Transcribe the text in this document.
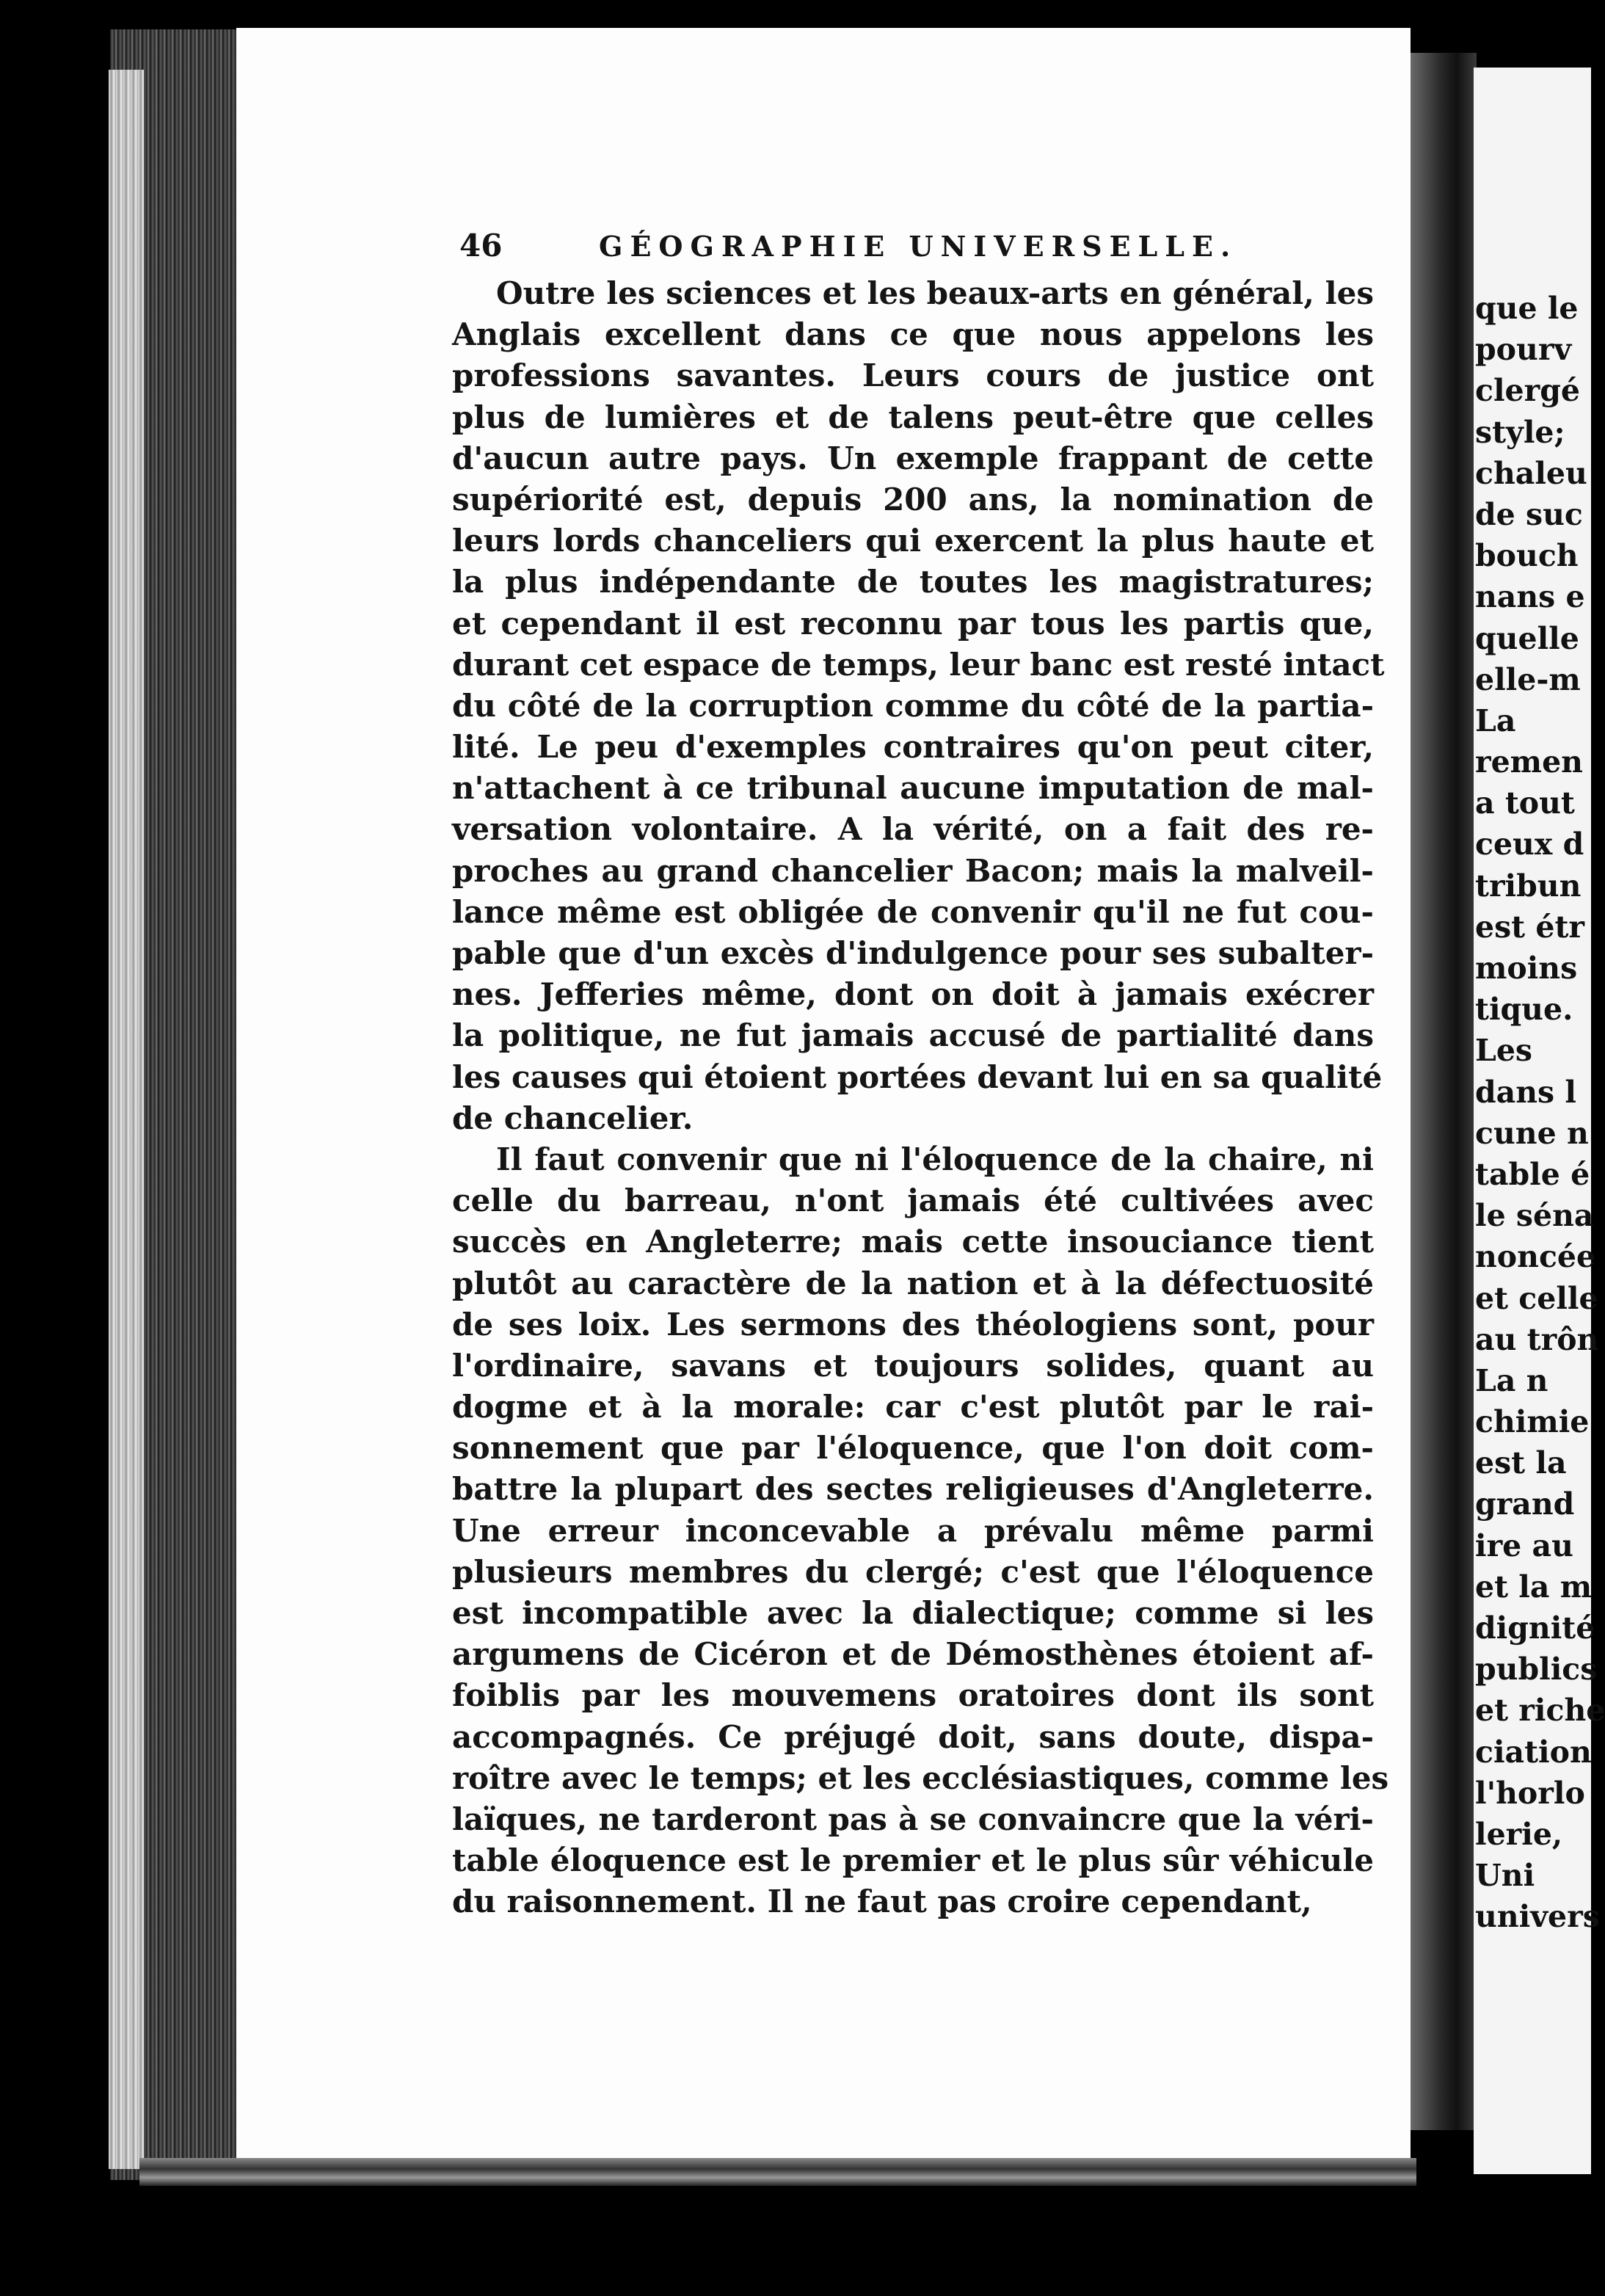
que le
pourv
clergé
style;
chaleu
de suc
bouch
nans e
quelle
elle-m
La
remen
a tout
ceux d
tribun
est étr
moins
tique.
Les
dans l
cune n
table é
le séna
noncée
et celle
au trôn
La n
chimie
est la
grand
ire au
et la m
dignité
publics
et riche
ciation
l'horlo
lerie,
Uni
univers
46	GÉOGRAPHIE UNIVERSELLE.
Outre les sciences et les beaux-arts en général, les
Anglais excellent dans ce que nous appelons les
professions savantes. Leurs cours de justice ont
plus de lumières et de talens peut-être que celles
d'aucun autre pays. Un exemple frappant de cette
supériorité est, depuis 200 ans, la nomination de
leurs lords chanceliers qui exercent la plus haute et
la plus indépendante de toutes les magistratures;
et cependant il est reconnu par tous les partis que,
durant cet espace de temps, leur banc est resté intact
du côté de la corruption comme du côté de la partia-
lité. Le peu d'exemples contraires qu'on peut citer,
n'attachent à ce tribunal aucune imputation de mal-
versation volontaire. A la vérité, on a fait des re-
proches au grand chancelier Bacon; mais la malveil-
lance même est obligée de convenir qu'il ne fut cou-
pable que d'un excès d'indulgence pour ses subalter-
nes. Jefferies même, dont on doit à jamais exécrer
la politique, ne fut jamais accusé de partialité dans
les causes qui étoient portées devant lui en sa qualité
de chancelier.
Il faut convenir que ni l'éloquence de la chaire, ni
celle du barreau, n'ont jamais été cultivées avec
succès en Angleterre; mais cette insouciance tient
plutôt au caractère de la nation et à la défectuosité
de ses loix. Les sermons des théologiens sont, pour
l'ordinaire, savans et toujours solides, quant au
dogme et à la morale: car c'est plutôt par le rai-
sonnement que par l'éloquence, que l'on doit com-
battre la plupart des sectes religieuses d'Angleterre.
Une erreur inconcevable a prévalu même parmi
plusieurs membres du clergé; c'est que l'éloquence
est incompatible avec la dialectique; comme si les
argumens de Cicéron et de Démosthènes étoient af-
foiblis par les mouvemens oratoires dont ils sont
accompagnés. Ce préjugé doit, sans doute, dispa-
roître avec le temps; et les ecclésiastiques, comme les
laïques, ne tarderont pas à se convaincre que la véri-
table éloquence est le premier et le plus sûr véhicule
du raisonnement. Il ne faut pas croire cependant,
